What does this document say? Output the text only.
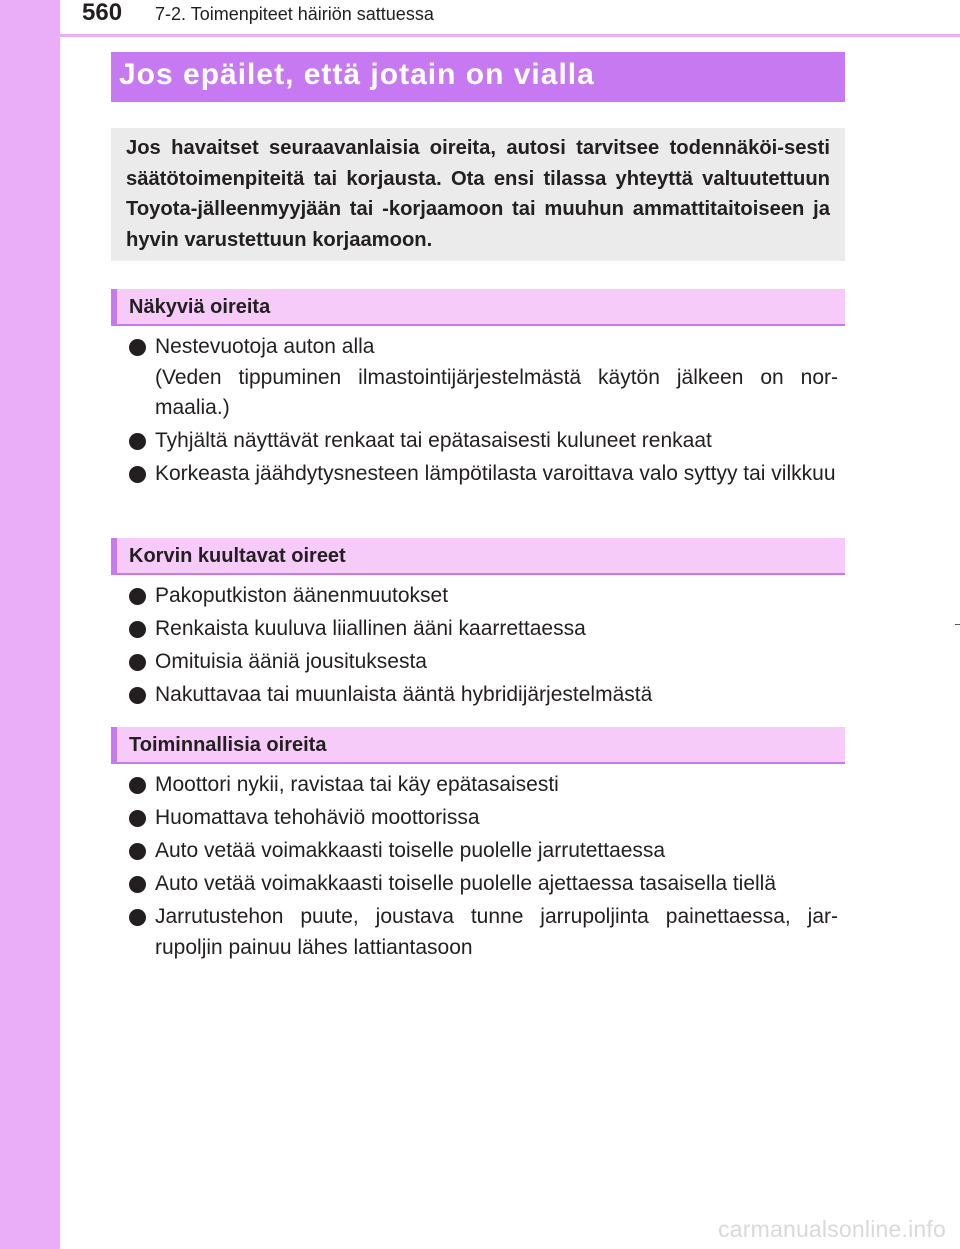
560 7-2. Toimenpiteet häiriön sattuessa
Jos epäilet, että jotain on vialla

Jos havaitset seuraavanlaisia oireita, autosi tarvitsee todennäköi-sesti säätötoimenpiteitä tai korjausta. Ota ensi tilassa yhteyttä valtuutettuun Toyota-jälleenmyyjään tai -korjaamoon tai muuhun ammattitaitoiseen ja hyvin varustettuun korjaamoon.

Näkyviä oireita
Nestevuotoja auton alla
(Veden tippuminen ilmastointijärjestelmästä käytön jälkeen on nor-maalia.)
Tyhjältä näyttävät renkaat tai epätasaisesti kuluneet renkaat
Korkeasta jäähdytysnesteen lämpötilasta varoittava valo syttyy tai vilkkuu
Korvin kuultavat oireet
Pakoputkiston äänenmuutokset
Renkaista kuuluva liiallinen ääni kaarrettaessa
Omituisia ääniä jousituksesta
Nakuttavaa tai muunlaista ääntä hybridijärjestelmästä
Toiminnallisia oireita
Moottori nykii, ravistaa tai käy epätasaisesti
Huomattava tehohäviö moottorissa
Auto vetää voimakkaasti toiselle puolelle jarrutettaessa
Auto vetää voimakkaasti toiselle puolelle ajettaessa tasaisella tiellä
Jarrutustehon puute, joustava tunne jarrupoljinta painettaessa, jar-rupoljin painuu lähes lattiantasoon
carmanualsonline.info
